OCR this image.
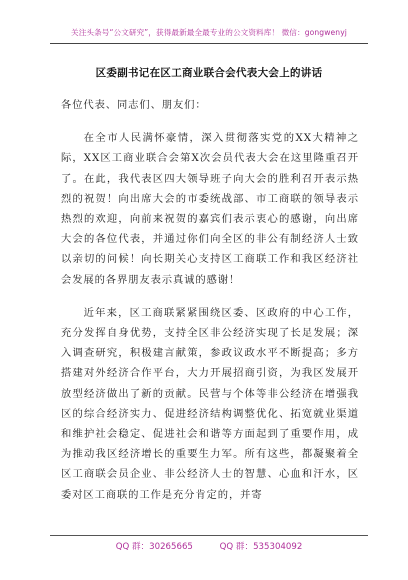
关注头条号“公文研究”，获得最新最全最专业的公文资料库！ 微信：gongwenyj
区委副书记在区工商业联合会代表大会上的讲话

各位代表、同志们、朋友们：

在全市人民满怀豪情，深入贯彻落实党的XX大精神之际，XX区工商业联合会第X次会员代表大会在这里隆重召开了。在此，我代表区四大领导班子向大会的胜利召开表示热烈的祝贺！向出席大会的市委统战部、市工商联的领导表示热烈的欢迎，向前来祝贺的嘉宾们表示衷心的感谢，向出席大会的各位代表，并通过你们向全区的非公有制经济人士致以亲切的问候！向长期关心支持区工商联工作和我区经济社会发展的各界朋友表示真诚的感谢！

近年来，区工商联紧紧围绕区委、区政府的中心工作，充分发挥自身优势，支持全区非公经济实现了长足发展；深入调查研究，积极建言献策，参政议政水平不断提高；多方搭建对外经济合作平台，大力开展招商引资，为我区发展开放型经济做出了新的贡献。民营与个体等非公经济在增强我区的综合经济实力、促进经济结构调整优化、拓宽就业渠道和维护社会稳定、促进社会和谐等方面起到了重要作用，成为推动我区经济增长的重要生力军。所有这些，都凝聚着全区工商联会员企业、非公经济人士的智慧、心血和汗水，区委对区工商联的工作是充分肯定的，并寄

QQ 群：30265665	QQ 群：535304092
